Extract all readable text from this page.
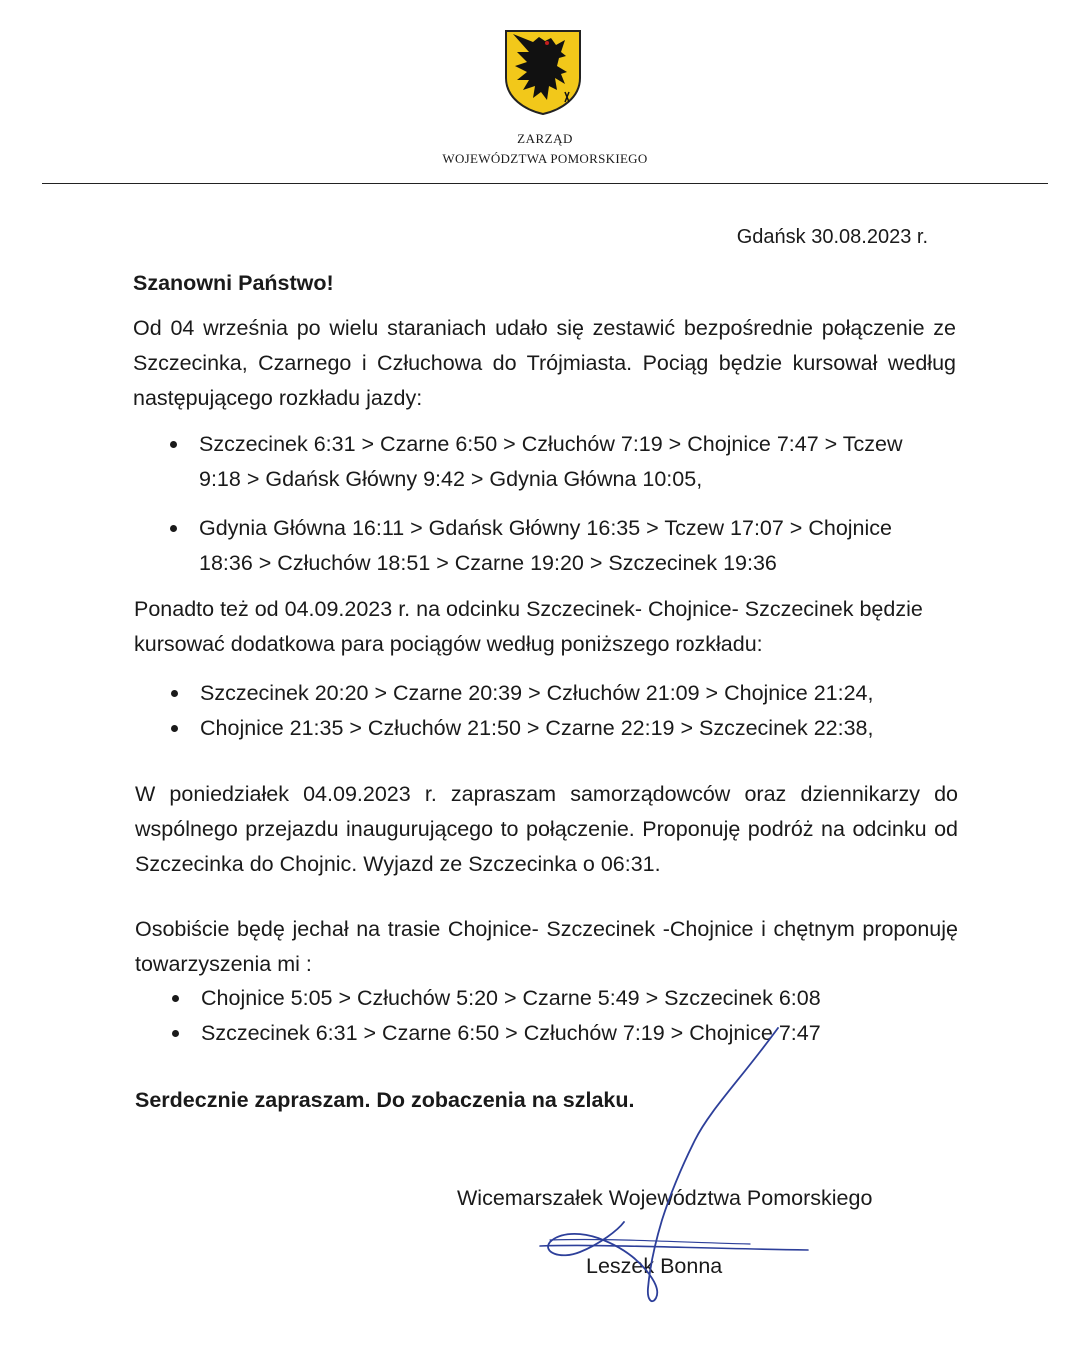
ZARZĄD
WOJEWÓDZTWA POMORSKIEGO

Gdańsk 30.08.2023 r.

Szanowni Państwo!

Od 04 września po wielu staraniach udało się zestawić bezpośrednie połączenie ze Szczecinka, Czarnego i Człuchowa do Trójmiasta. Pociąg będzie kursował według następującego rozkładu jazdy:

Szczecinek 6:31 > Czarne 6:50 > Człuchów 7:19 > Chojnice 7:47 > Tczew 9:18 > Gdańsk Główny 9:42 > Gdynia Główna 10:05,
Gdynia Główna 16:11 > Gdańsk Główny 16:35 > Tczew 17:07 > Chojnice 18:36 > Człuchów 18:51 > Czarne 19:20 > Szczecinek 19:36

Ponadto też od 04.09.2023 r. na odcinku Szczecinek- Chojnice- Szczecinek będzie kursować dodatkowa para pociągów według poniższego rozkładu:

Szczecinek 20:20 > Czarne 20:39 > Człuchów 21:09 > Chojnice 21:24,
Chojnice 21:35 > Człuchów 21:50 > Czarne 22:19 > Szczecinek 22:38,

W poniedziałek 04.09.2023 r. zapraszam samorządowców oraz dziennikarzy do wspólnego przejazdu inaugurującego to połączenie. Proponuję podróż na odcinku od Szczecinka do Chojnic. Wyjazd ze Szczecinka o 06:31.

Osobiście będę jechał na trasie Chojnice- Szczecinek -Chojnice i chętnym proponuję towarzyszenia mi :

Chojnice 5:05 > Człuchów 5:20 > Czarne 5:49 > Szczecinek 6:08
Szczecinek 6:31 > Czarne 6:50 > Człuchów 7:19 > Chojnice 7:47

Serdecznie zapraszam. Do zobaczenia na szlaku.

Wicemarszałek Województwa Pomorskiego

Leszek Bonna
